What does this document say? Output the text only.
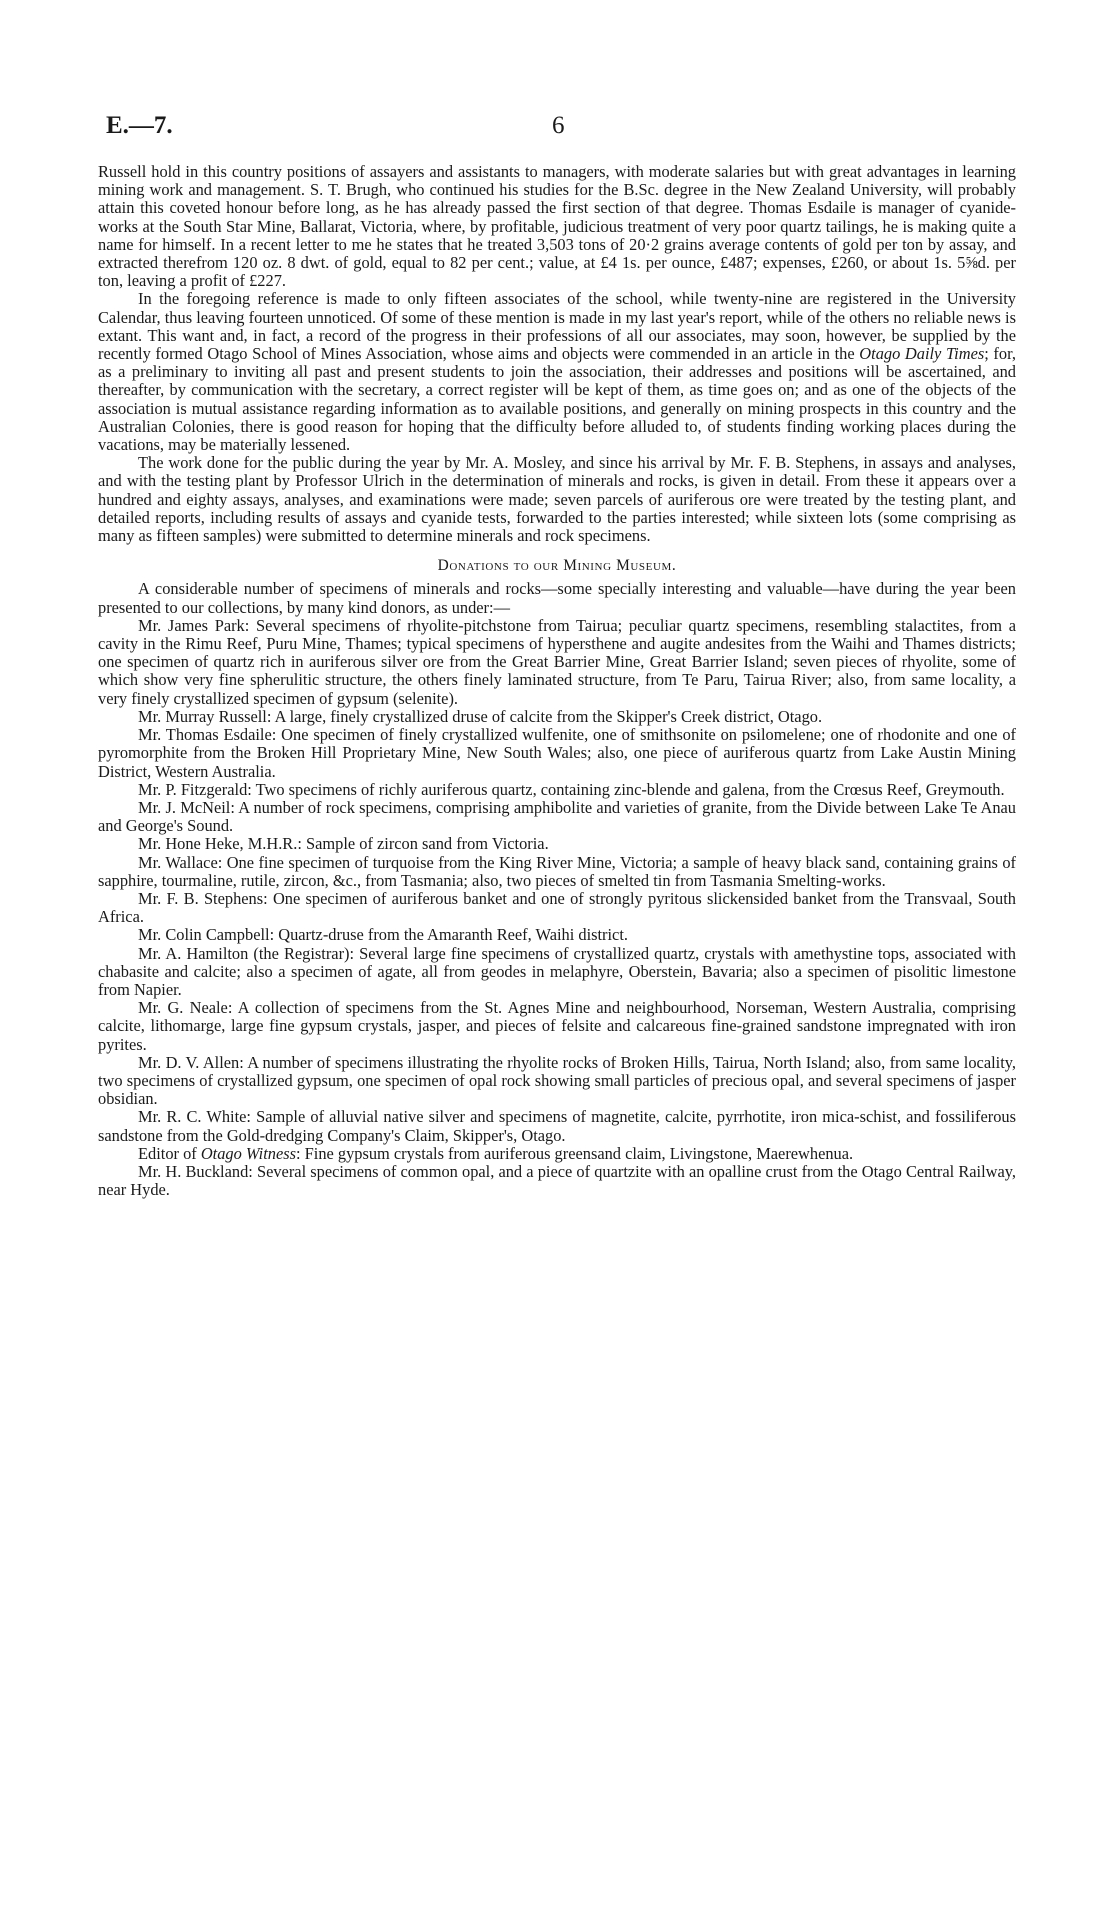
E.—7.	6

Russell hold in this country positions of assayers and assistants to managers, with moderate salaries but with great advantages in learning mining work and management. S. T. Brugh, who continued his studies for the B.Sc. degree in the New Zealand University, will probably attain this coveted honour before long, as he has already passed the first section of that degree. Thomas Esdaile is manager of cyanide-works at the South Star Mine, Ballarat, Victoria, where, by profitable, judicious treatment of very poor quartz tailings, he is making quite a name for himself. In a recent letter to me he states that he treated 3,503 tons of 20·2 grains average contents of gold per ton by assay, and extracted therefrom 120 oz. 8 dwt. of gold, equal to 82 per cent.; value, at £4 1s. per ounce, £487; expenses, £260, or about 1s. 5⅝d. per ton, leaving a profit of £227.

In the foregoing reference is made to only fifteen associates of the school, while twenty-nine are registered in the University Calendar, thus leaving fourteen unnoticed. Of some of these mention is made in my last year's report, while of the others no reliable news is extant. This want and, in fact, a record of the progress in their professions of all our associates, may soon, however, be supplied by the recently formed Otago School of Mines Association, whose aims and objects were commended in an article in the Otago Daily Times; for, as a preliminary to inviting all past and present students to join the association, their addresses and positions will be ascertained, and thereafter, by communication with the secretary, a correct register will be kept of them, as time goes on; and as one of the objects of the association is mutual assistance regarding information as to available positions, and generally on mining prospects in this country and the Australian Colonies, there is good reason for hoping that the difficulty before alluded to, of students finding working places during the vacations, may be materially lessened.

The work done for the public during the year by Mr. A. Mosley, and since his arrival by Mr. F. B. Stephens, in assays and analyses, and with the testing plant by Professor Ulrich in the determination of minerals and rocks, is given in detail. From these it appears over a hundred and eighty assays, analyses, and examinations were made; seven parcels of auriferous ore were treated by the testing plant, and detailed reports, including results of assays and cyanide tests, forwarded to the parties interested; while sixteen lots (some comprising as many as fifteen samples) were submitted to determine minerals and rock specimens.

Donations to our Mining Museum.

A considerable number of specimens of minerals and rocks—some specially interesting and valuable—have during the year been presented to our collections, by many kind donors, as under:—

Mr. James Park: Several specimens of rhyolite-pitchstone from Tairua; peculiar quartz specimens, resembling stalactites, from a cavity in the Rimu Reef, Puru Mine, Thames; typical specimens of hypersthene and augite andesites from the Waihi and Thames districts; one specimen of quartz rich in auriferous silver ore from the Great Barrier Mine, Great Barrier Island; seven pieces of rhyolite, some of which show very fine spherulitic structure, the others finely laminated structure, from Te Paru, Tairua River; also, from same locality, a very finely crystallized specimen of gypsum (selenite).

Mr. Murray Russell: A large, finely crystallized druse of calcite from the Skipper's Creek district, Otago.

Mr. Thomas Esdaile: One specimen of finely crystallized wulfenite, one of smithsonite on psilomelene; one of rhodonite and one of pyromorphite from the Broken Hill Proprietary Mine, New South Wales; also, one piece of auriferous quartz from Lake Austin Mining District, Western Australia.

Mr. P. Fitzgerald: Two specimens of richly auriferous quartz, containing zinc-blende and galena, from the Crœsus Reef, Greymouth.

Mr. J. McNeil: A number of rock specimens, comprising amphibolite and varieties of granite, from the Divide between Lake Te Anau and George's Sound.

Mr. Hone Heke, M.H.R.: Sample of zircon sand from Victoria.

Mr. Wallace: One fine specimen of turquoise from the King River Mine, Victoria; a sample of heavy black sand, containing grains of sapphire, tourmaline, rutile, zircon, &c., from Tasmania; also, two pieces of smelted tin from Tasmania Smelting-works.

Mr. F. B. Stephens: One specimen of auriferous banket and one of strongly pyritous slickensided banket from the Transvaal, South Africa.

Mr. Colin Campbell: Quartz-druse from the Amaranth Reef, Waihi district.

Mr. A. Hamilton (the Registrar): Several large fine specimens of crystallized quartz, crystals with amethystine tops, associated with chabasite and calcite; also a specimen of agate, all from geodes in melaphyre, Oberstein, Bavaria; also a specimen of pisolitic limestone from Napier.

Mr. G. Neale: A collection of specimens from the St. Agnes Mine and neighbourhood, Norseman, Western Australia, comprising calcite, lithomarge, large fine gypsum crystals, jasper, and pieces of felsite and calcareous fine-grained sandstone impregnated with iron pyrites.

Mr. D. V. Allen: A number of specimens illustrating the rhyolite rocks of Broken Hills, Tairua, North Island; also, from same locality, two specimens of crystallized gypsum, one specimen of opal rock showing small particles of precious opal, and several specimens of jasper obsidian.

Mr. R. C. White: Sample of alluvial native silver and specimens of magnetite, calcite, pyrrhotite, iron mica-schist, and fossiliferous sandstone from the Gold-dredging Company's Claim, Skipper's, Otago.

Editor of Otago Witness: Fine gypsum crystals from auriferous greensand claim, Livingstone, Maerewhenua.

Mr. H. Buckland: Several specimens of common opal, and a piece of quartzite with an opalline crust from the Otago Central Railway, near Hyde.
